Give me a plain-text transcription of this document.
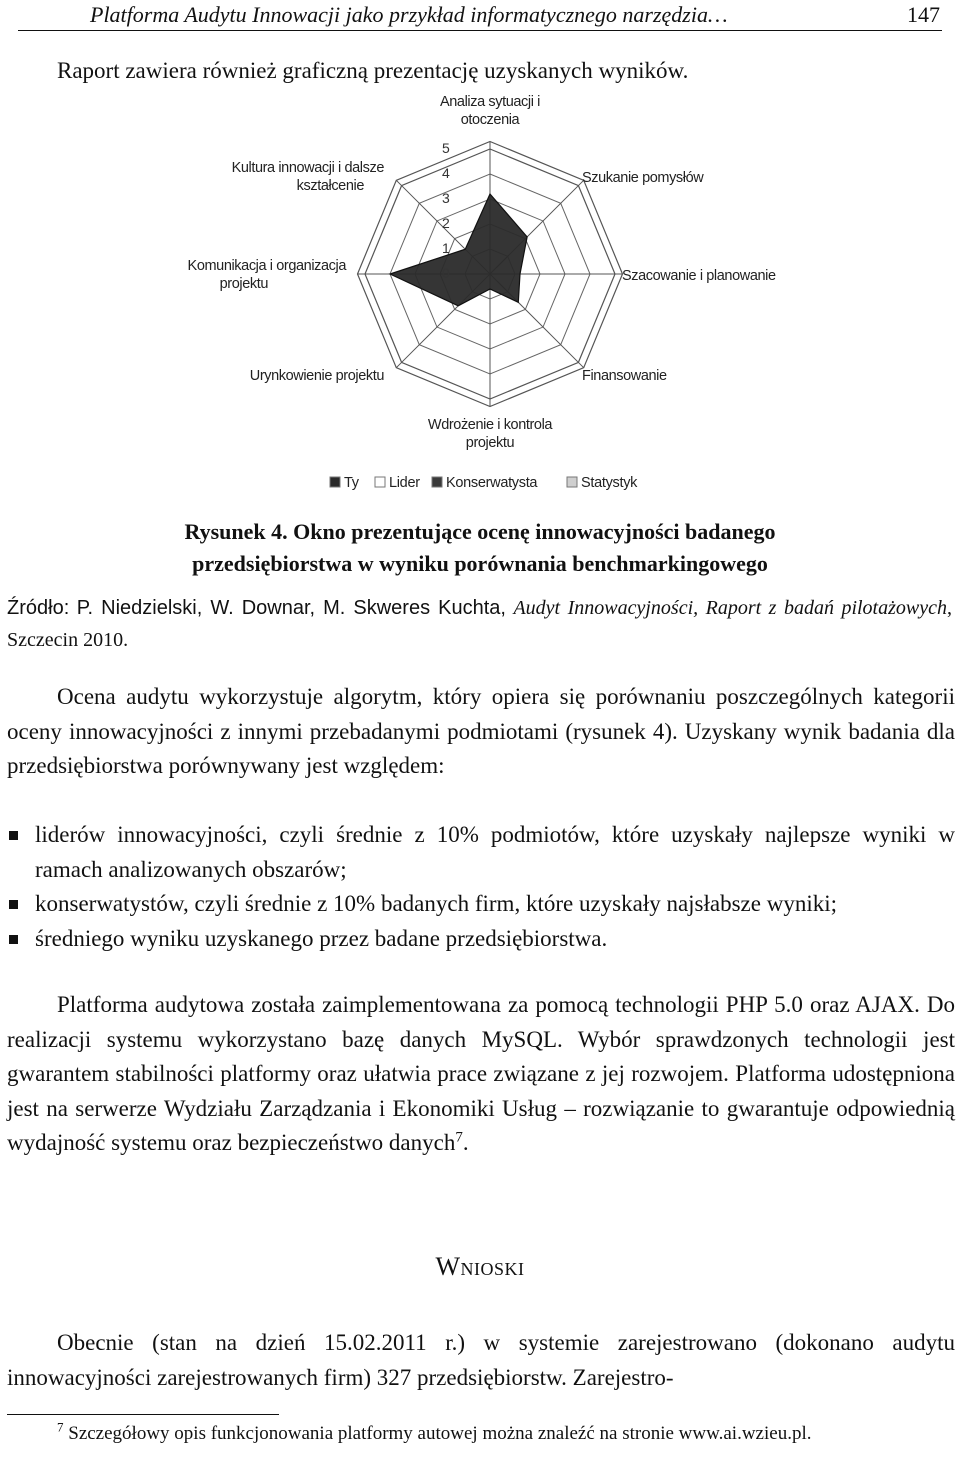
Platforma Audytu Innowacji jako przykład informatycznego narzędzia…	147
Raport zawiera również graficzną prezentację uzyskanych wyników.
0
1
2
3
4
5
Analiza sytuacji i otoczenia
Szukanie pomysłów
Szacowanie i planowanie
Finansowanie
Wdrożenie i kontrola projektu
Urynkowienie projektu
Komunikacja i organizacja projektu
Kultura innowacji i dalsze kształcenie
Ty Lider Konserwatysta	Statystyk
Rysunek 4. Okno prezentujące ocenę innowacyjności badanego
przedsiębiorstwa w wyniku porównania benchmarkingowego
Źródło: P. Niedzielski, W. Downar, M. Skweres Kuchta, Audyt Innowacyjności, Raport z badań pilotażowych, Szczecin 2010.

Ocena audytu wykorzystuje algorytm, który opiera się porównaniu poszczególnych kategorii oceny innowacyjności z innymi przebadanymi podmiotami (rysunek 4). Uzyskany wynik badania dla przedsiębiorstwa porównywany jest względem:

liderów innowacyjności, czyli średnie z 10% podmiotów, które uzyskały najlepsze wyniki w ramach analizowanych obszarów;
konserwatystów, czyli średnie z 10% badanych firm, które uzyskały najsłabsze wyniki;
średniego wyniku uzyskanego przez badane przedsiębiorstwa.

Platforma audytowa została zaimplementowana za pomocą technologii PHP 5.0 oraz AJAX. Do realizacji systemu wykorzystano bazę danych MySQL. Wybór sprawdzonych technologii jest gwarantem stabilności platformy oraz ułatwia prace związane z jej rozwojem. Platforma udostępniona jest na serwerze Wydziału Zarządzania i Ekonomiki Usług – rozwiązanie to gwarantuje odpowiednią wydajność systemu oraz bezpieczeństwo danych$^7$.

Wnioski

Obecnie (stan na dzień 15.02.2011 r.) w systemie zarejestrowano (dokonano audytu innowacyjności zarejestrowanych firm) 327 przedsiębiorstw. Zarejestro-

$^7$ Szczegółowy opis funkcjonowania platformy autowej można znaleźć na stronie www.ai.wzieu.pl.
